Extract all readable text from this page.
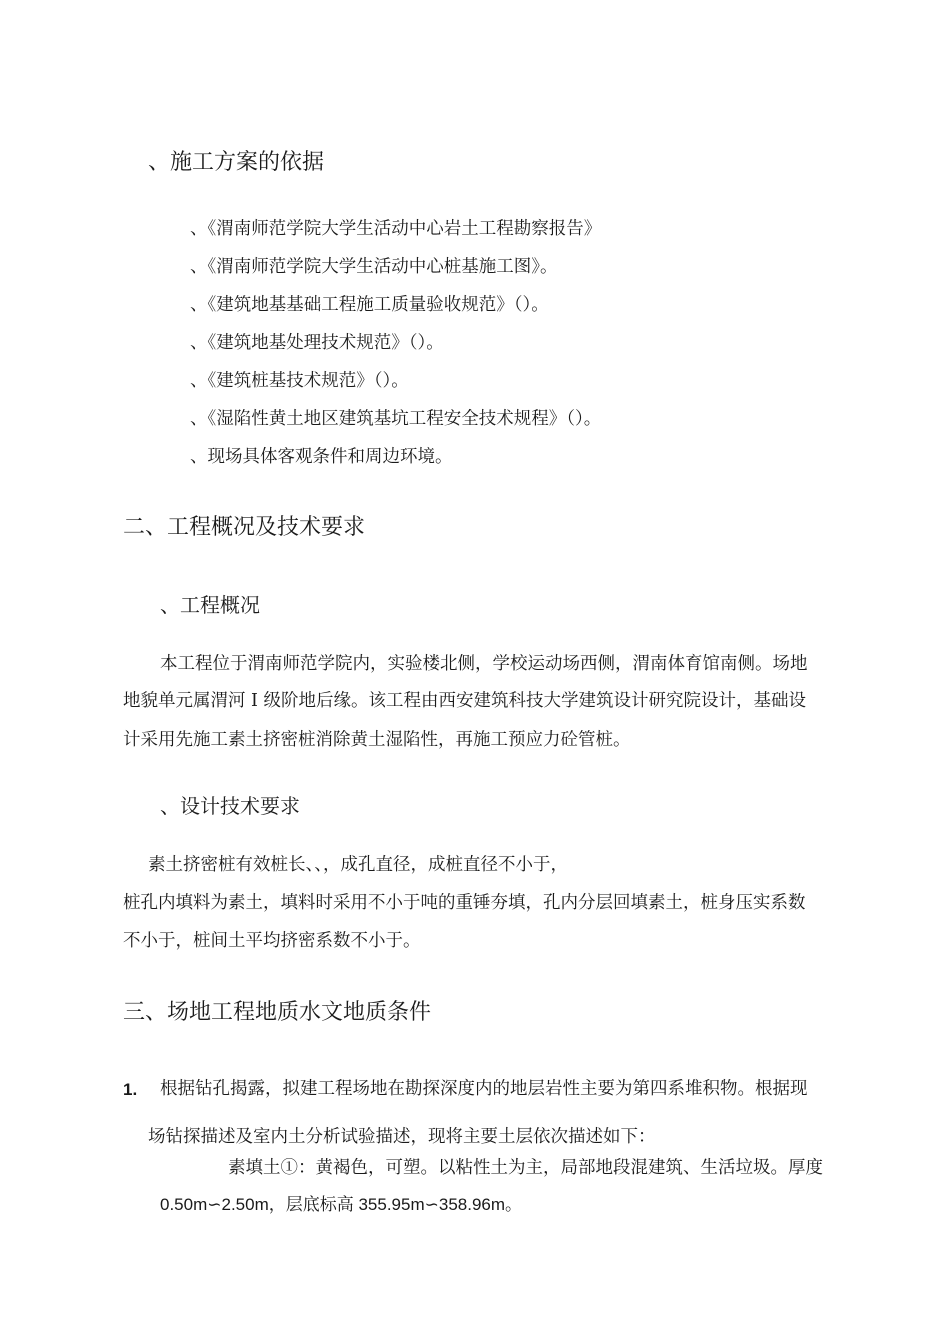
、施工方案的依据
、《渭南师范学院大学生活动中心岩土工程勘察报告》
、《渭南师范学院大学生活动中心桩基施工图》。
、《建筑地基基础工程施工质量验收规范》（）。
、《建筑地基处理技术规范》（）。
、《建筑桩基技术规范》（）。
、《湿陷性黄土地区建筑基坑工程安全技术规程》（）。
、现场具体客观条件和周边环境。
二、工程概况及技术要求
、工程概况
本工程位于渭南师范学院内，实验楼北侧，学校运动场西侧，渭南体育馆南侧。场地
地貌单元属渭河 I 级阶地后缘。该工程由西安建筑科技大学建筑设计研究院设计，基础设
计采用先施工素土挤密桩消除黄土湿陷性，再施工预应力砼管桩。
、设计技术要求
素土挤密桩有效桩长、、，成孔直径，成桩直径不小于，
桩孔内填料为素土，填料时采用不小于吨的重锤夯填，孔内分层回填素土，桩身压实系数
不小于，桩间土平均挤密系数不小于。
三、场地工程地质水文地质条件
1. 根据钻孔揭露，拟建工程场地在勘探深度内的地层岩性主要为第四系堆积物。根据现
场钻探描述及室内土分析试验描述，现将主要土层依次描述如下：
素填土①：黄褐色，可塑。以粘性土为主，局部地段混建筑、生活垃圾。厚度
0.50m∽2.50m，层底标高 355.95m∽358.96m。
